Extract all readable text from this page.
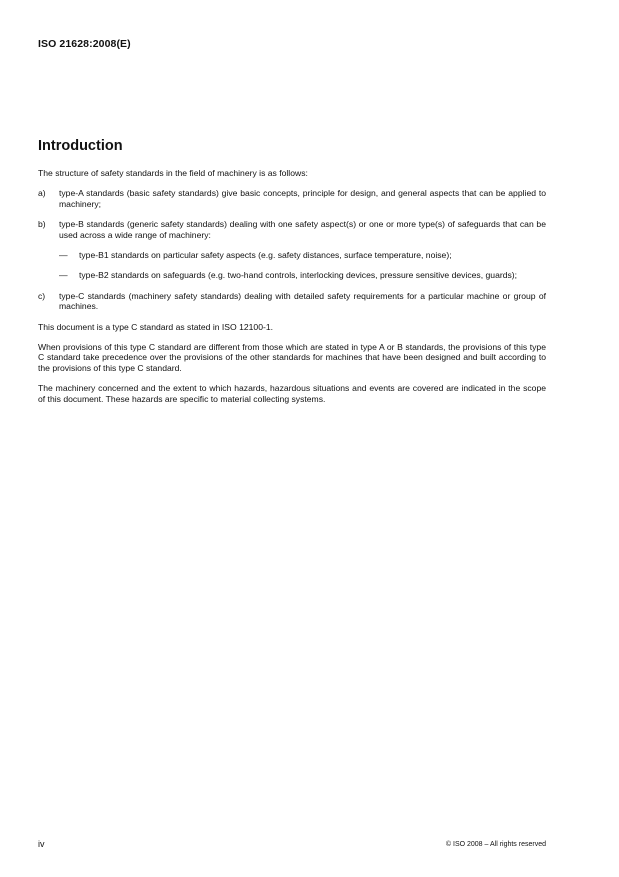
ISO 21628:2008(E)
Introduction

The structure of safety standards in the field of machinery is as follows:

a) type-A standards (basic safety standards) give basic concepts, principle for design, and general aspects that can be applied to machinery;
b) type-B standards (generic safety standards) dealing with one safety aspect(s) or one or more type(s) of safeguards that can be used across a wide range of machinery:
— type-B1 standards on particular safety aspects (e.g. safety distances, surface temperature, noise);
— type-B2 standards on safeguards (e.g. two-hand controls, interlocking devices, pressure sensitive devices, guards);
c) type-C standards (machinery safety standards) dealing with detailed safety requirements for a particular machine or group of machines.

This document is a type C standard as stated in ISO 12100-1.

When provisions of this type C standard are different from those which are stated in type A or B standards, the provisions of this type C standard take precedence over the provisions of the other standards for machines that have been designed and built according to the provisions of this type C standard.

The machinery concerned and the extent to which hazards, hazardous situations and events are covered are indicated in the scope of this document. These hazards are specific to material collecting systems.

iv	© ISO 2008 – All rights reserved
